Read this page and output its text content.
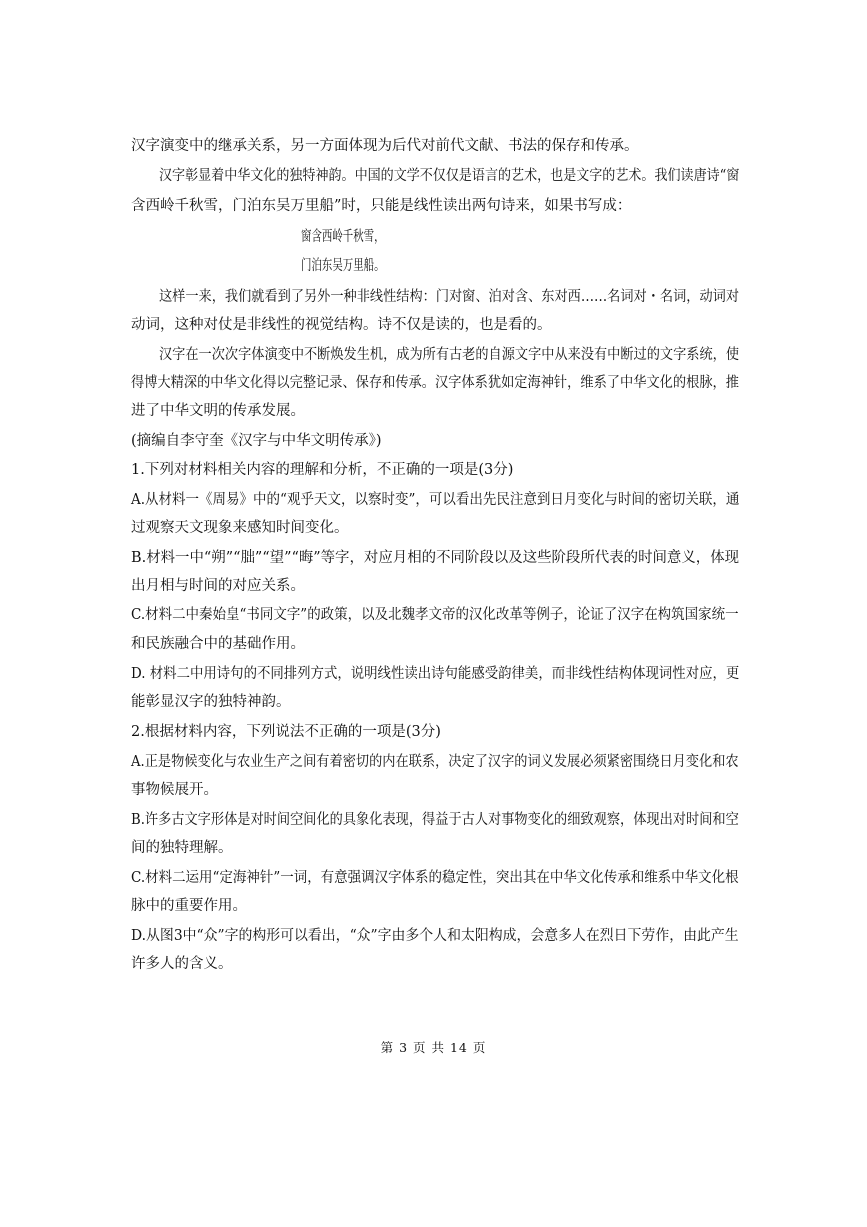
汉字演变中的继承关系，另一方面体现为后代对前代文献、书法的保存和传承。
汉字彰显着中华文化的独特神韵。中国的文学不仅仅是语言的艺术，也是文字的艺术。我们读唐诗“窗
含西岭千秋雪，门泊东吴万里船”时，只能是线性读出两句诗来，如果书写成：
窗含西岭千秋雪，
门泊东吴万里船。
这样一来，我们就看到了另外一种非线性结构：门对窗、泊对含、东对西……名词对・名词，动词对
动词，这种对仗是非线性的视觉结构。诗不仅是读的，也是看的。
汉字在一次次字体演变中不断焕发生机，成为所有古老的自源文字中从来没有中断过的文字系统，使
得博大精深的中华文化得以完整记录、保存和传承。汉字体系犹如定海神针，维系了中华文化的根脉，推
进了中华文明的传承发展。
(摘编自李守奎《汉字与中华文明传承》)
1.下列对材料相关内容的理解和分析，不正确的一项是(3分)
A.从材料一《周易》中的“观乎天文，以察时变”，可以看出先民注意到日月变化与时间的密切关联，通
过观察天文现象来感知时间变化。
B.材料一中“朔”“朏”“望”“晦”等字，对应月相的不同阶段以及这些阶段所代表的时间意义，体现
出月相与时间的对应关系。
C.材料二中秦始皇“书同文字”的政策，以及北魏孝文帝的汉化改革等例子，论证了汉字在构筑国家统一
和民族融合中的基础作用。
D. 材料二中用诗句的不同排列方式，说明线性读出诗句能感受韵律美，而非线性结构体现词性对应，更
能彰显汉字的独特神韵。
2.根据材料内容，下列说法不正确的一项是(3分)
A.正是物候变化与农业生产之间有着密切的内在联系，决定了汉字的词义发展必须紧密围绕日月变化和农
事物候展开。
B.许多古文字形体是对时间空间化的具象化表现，得益于古人对事物变化的细致观察，体现出对时间和空
间的独特理解。
C.材料二运用“定海神针”一词，有意强调汉字体系的稳定性，突出其在中华文化传承和维系中华文化根
脉中的重要作用。
D.从图3中“众”字的构形可以看出，“众”字由多个人和太阳构成，会意多人在烈日下劳作，由此产生
许多人的含义。
第 3 页 共 14 页
